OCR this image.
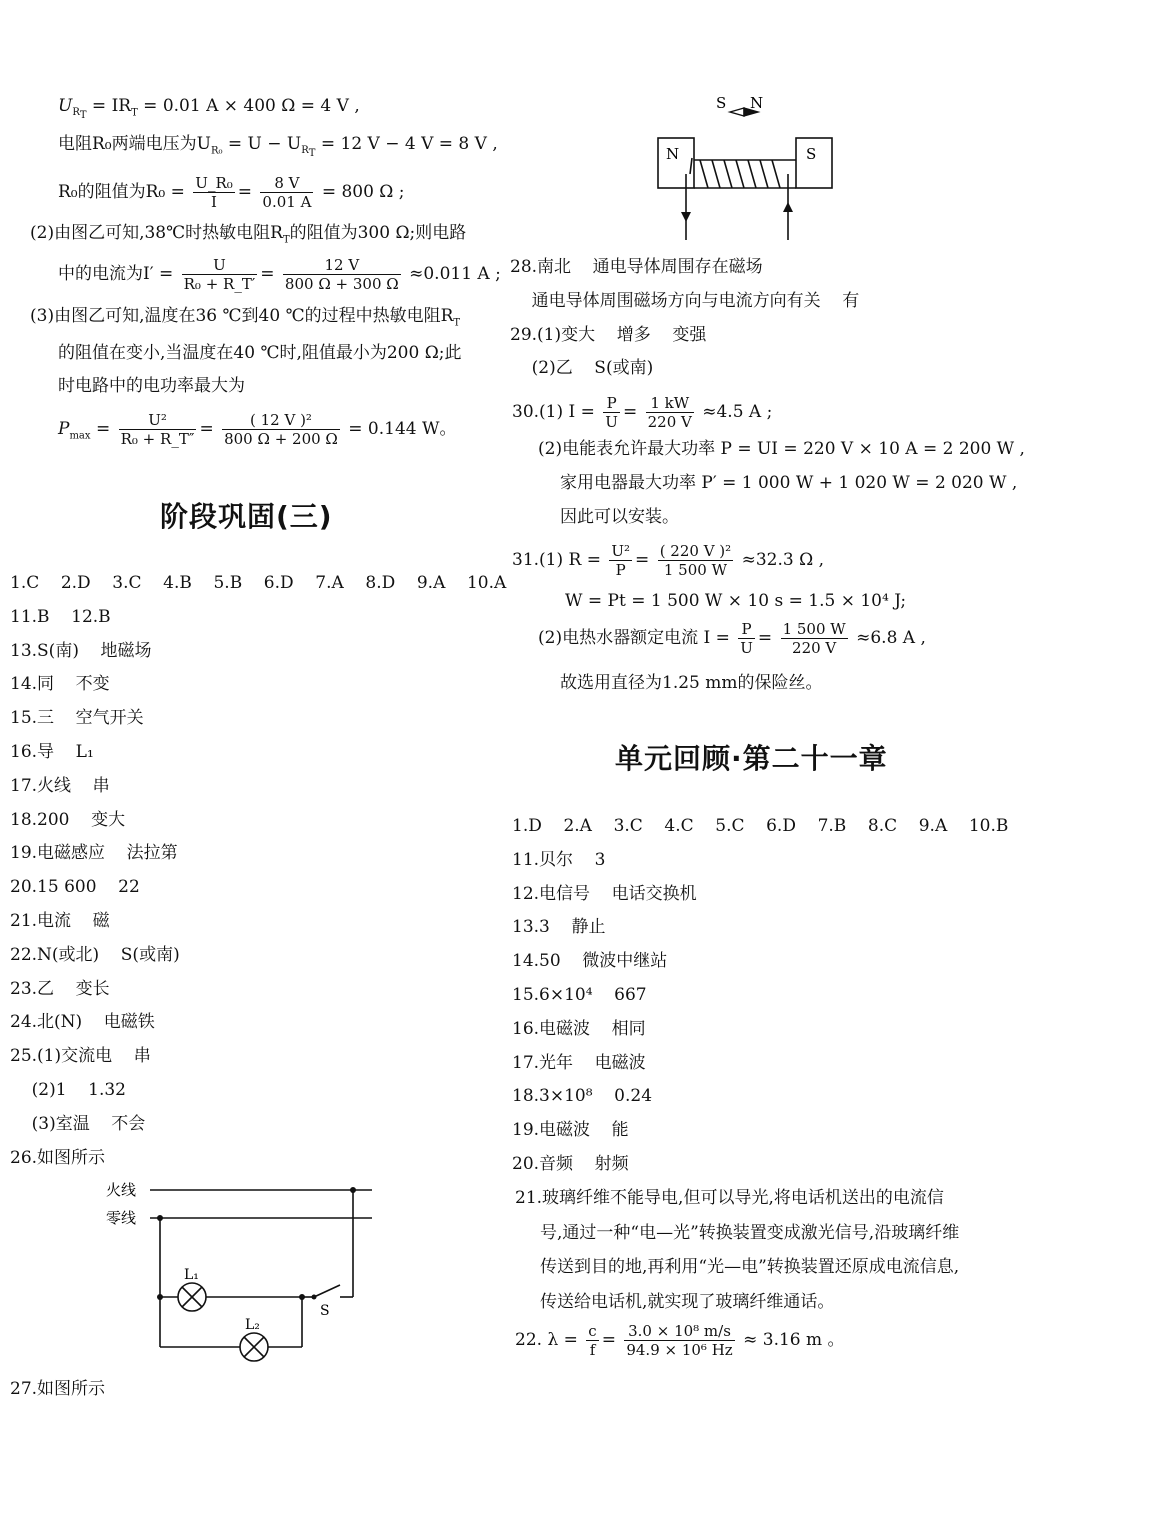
$U_{R_T} = IR_T = 0.01$ A × 400 Ω = 4 V ,
电阻R₀两端电压为$U_{R_0} = U - U_{R_T} = 12$ V − 4 V = 8 V ,
R₀的阻值为$R_0 = \frac{\text{U\_R₀}}{I} = \frac{8 V}{0.01 A} = 800$ Ω ;
(2)由图乙可知,38℃时热敏电阻$R_T$的阻值为300 Ω;则电路
中的电流为$I' = \frac{U}{\text{R₀ + R\_T′}} = \frac{12 V}{800 \Omega + 300 \Omega} \approx 0.011$ A ;
(3)由图乙可知,温度在36 ℃到40 ℃的过程中热敏电阻$R_T$
的阻值在变小,当温度在40 ℃时,阻值最小为200 Ω;此
时电路中的电功率最大为
$P_{max} = \frac{\text{U²}}{\text{R₀ + R\_T″}} = \frac{\text{( 12 V )²}}{800 \Omega + 200 \Omega} = 0.144$ W。
阶段巩固(三)
1.C    2.D    3.C    4.B    5.B    6.D    7.A    8.D    9.A    10.A
11.B    12.B
13.S(南)    地磁场
14.同    不变
15.三    空气开关
16.导    L₁
17.火线    串
18.200    变大
19.电磁感应    法拉第
20.15 600    22
21.电流    磁
22.N(或北)    S(或南)
23.乙    变长
24.北(N)    电磁铁
25.(1)交流电    串
(2)1    1.32
(3)室温    不会
26.如图所示
火线
零线
L₁
L₂
S
27.如图所示
S N
N	S
28.南北    通电导体周围存在磁场
通电导体周围磁场方向与电流方向有关    有
29.(1)变大    增多    变强
(2)乙    S(或南)
30.(1) $I = \frac{P}{U} = \frac{1 kW}{220 V} \approx 4.5$ A ;
(2)电能表允许最大功率 P = UI = 220 V × 10 A = 2 200 W ,
家用电器最大功率 P′ = 1 000 W + 1 020 W = 2 020 W ,
因此可以安装。
31.(1) $R = \frac{\text{U²}}{P} = \frac{\text{( 220 V )²}}{1 500 W} \approx 32.3$ Ω ,
W = Pt = 1 500 W × 10 s = 1.5 × 10⁴ J;
(2)电热水器额定电流 $I = \frac{P}{U} = \frac{1 500 W}{220 V} \approx 6.8$ A ,
故选用直径为1.25 mm的保险丝。
单元回顾·第二十一章
1.D    2.A    3.C    4.C    5.C    6.D    7.B    8.C    9.A    10.B
11.贝尔    3
12.电信号    电话交换机
13.3    静止
14.50    微波中继站
15.6×10⁴    667
16.电磁波    相同
17.光年    电磁波
18.3×10⁸    0.24
19.电磁波    能
20.音频    射频
21.玻璃纤维不能导电,但可以导光,将电话机送出的电流信
号,通过一种“电—光”转换装置变成激光信号,沿玻璃纤维
传送到目的地,再利用“光—电”转换装置还原成电流信息,
传送给电话机,就实现了玻璃纤维通话。
22. $\lambda = \frac{c}{f} = \frac{\text{3.0 × 10⁸ m/s}}{\text{94.9 × 10⁶ Hz}} \approx 3.16$ m 。
